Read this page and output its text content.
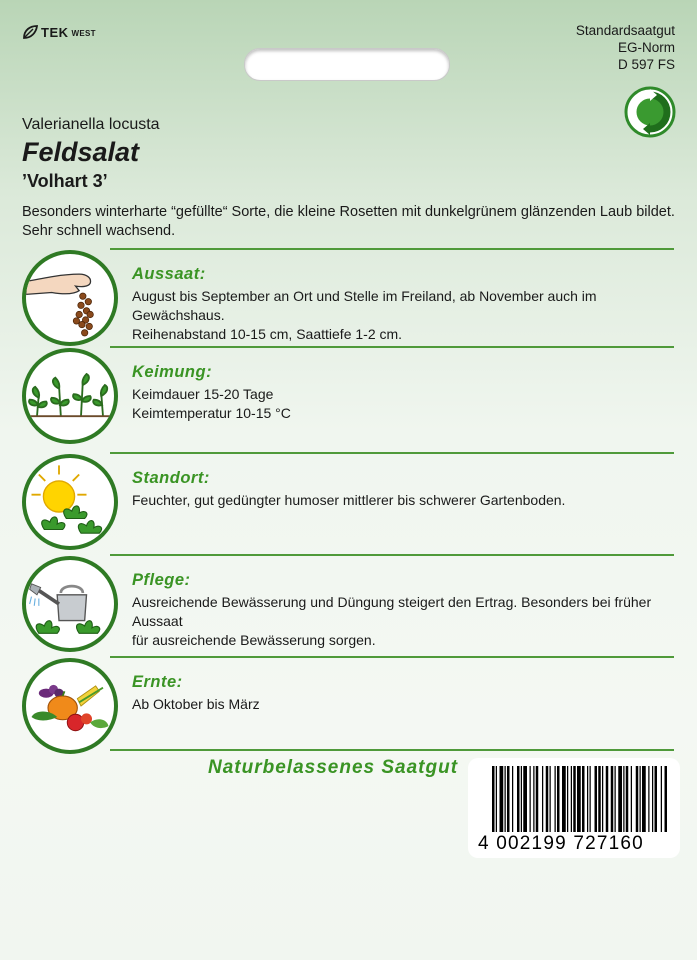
TEK WEST	Standardsaatgut
EG-Norm
D 597 FS
Valerianella locusta
Feldsalat
’Volhart 3’
Besonders winterharte “gefüllte“ Sorte, die kleine Rosetten mit dunkelgrünem glänzenden Laub bildet. Sehr schnell wachsend.
Aussaat:
August bis September an Ort und Stelle im Freiland, ab November auch im Gewächshaus.
Reihenabstand 10-15 cm, Saattiefe 1-2 cm.
Keimung:
Keimdauer 15-20 Tage
Keimtemperatur 10-15 °C
Standort:
Feuchter, gut gedüngter humoser mittlerer bis schwerer Gartenboden.
Pflege:
Ausreichende Bewässerung und Düngung steigert den Ertrag. Besonders bei früher Aussaat
für ausreichende Bewässerung sorgen.
Ernte:
Ab Oktober bis März
Naturbelassenes Saatgut
4 002199 727160
